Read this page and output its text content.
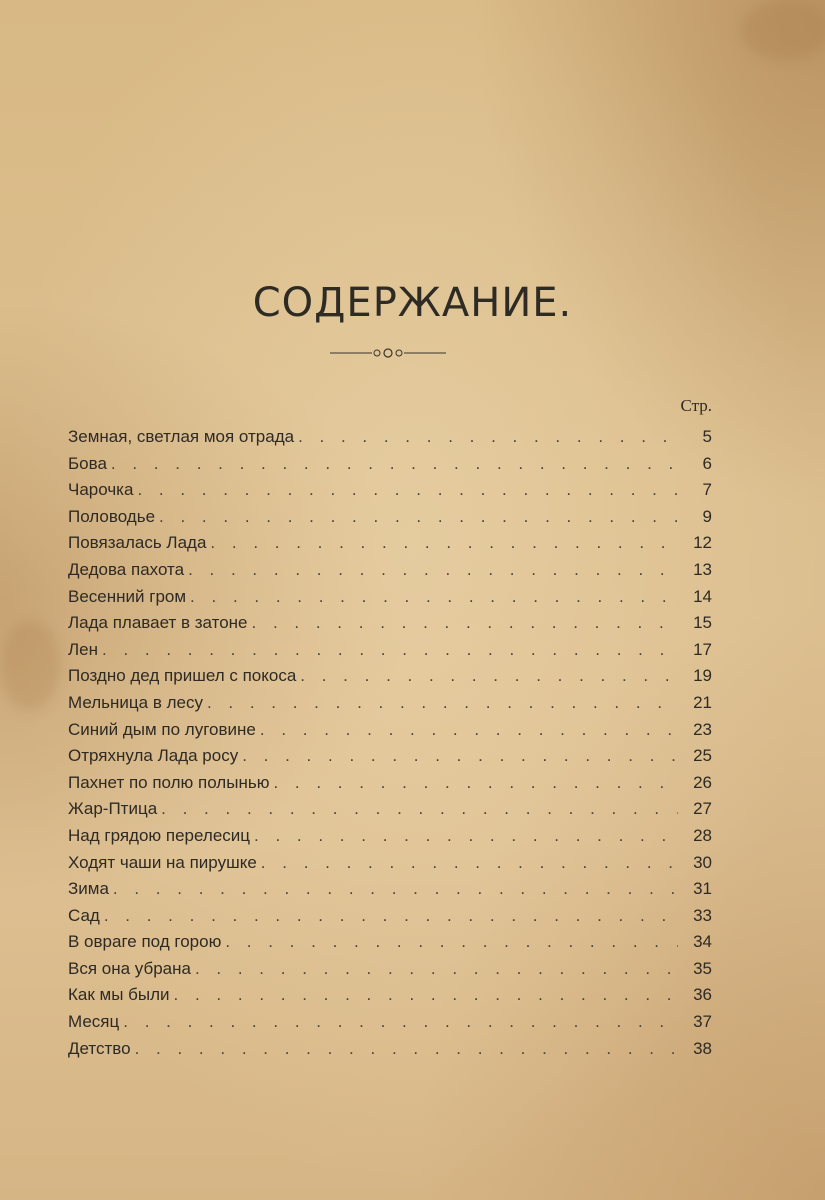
СОДЕРЖАНИЕ.
Стр.
Земная, светлая моя отрада . . .	5
Бова . . .	6
Чарочка . . .	7
Половодье . . .	9
Повязалась Лада . . .	12
Дедова пахота . . .	13
Весенний гром . . .	14
Лада плавает в затоне . . .	15
Лен . . .	17
Поздно дед пришел с покоса . . .	19
Мельница в лесу . . .	21
Синий дым по луговине . . .	23
Отряхнула Лада росу . . .	25
Пахнет по полю полынью . . .	26
Жар-Птица . . .	27
Над грядою перелесиц . . .	28
Ходят чаши на пирушке . . .	30
Зима . . .	31
Сад . . .	33
В овраге под горою . . .	34
Вся она убрана . . .	35
Как мы были . . .	36
Месяц . . .	37
Детство . . .	38
